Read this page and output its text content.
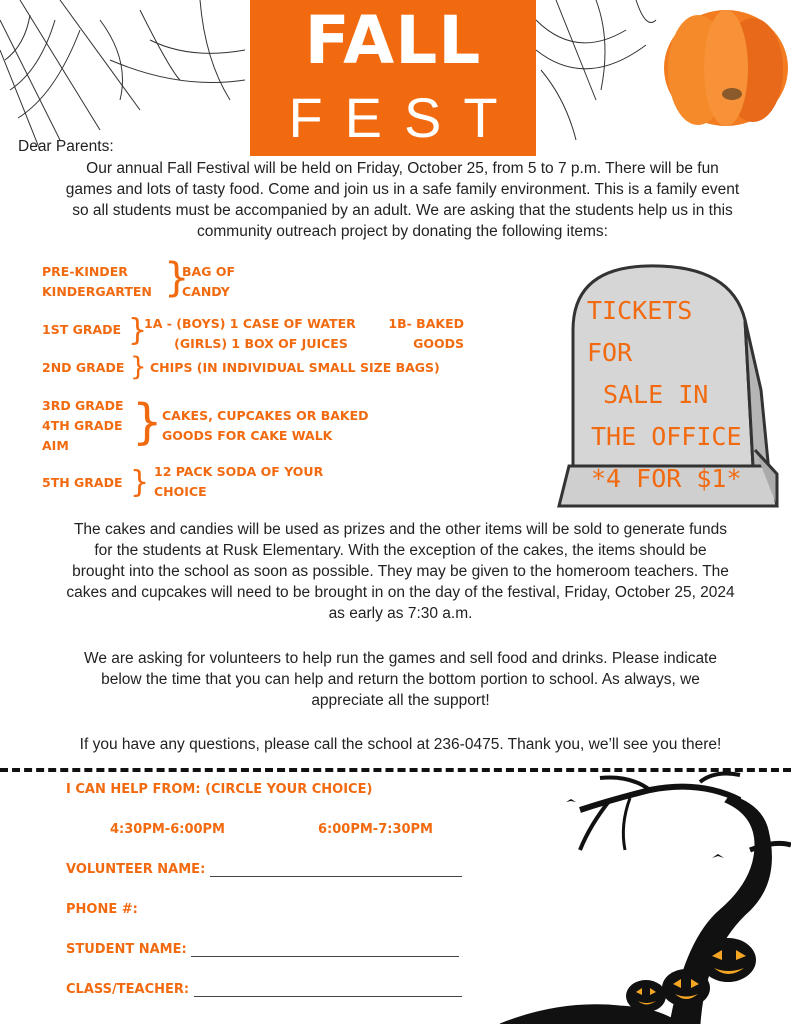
FALL
FEST
Dear Parents:
Our annual Fall Festival will be held on Friday, October 25, from 5 to 7 p.m. There will be fun
games and lots of tasty food. Come and join us in a safe family environment. This is a family event
so all students must be accompanied by an adult. We are asking that the students help us in this
community outreach project by donating the following items:
PRE-KINDER
KINDERGARTEN }
BAG OF
CANDY
1ST GRADE }
1A - (BOYS) 1 CASE OF WATER
(GIRLS) 1 BOX OF JUICES
1B- BAKED
GOODS
2ND GRADE } CHIPS (IN INDIVIDUAL SMALL SIZE BAGS)
3RD GRADE
4TH GRADE
AIM	} CAKES, CUPCAKES OR BAKED
GOODS FOR CAKE WALK
5TH GRADE } 12 PACK SODA OF YOUR
CHOICE
TICKETS FOR
SALE IN
THE OFFICE
*4 FOR $1*
The cakes and candies will be used as prizes and the other items will be sold to generate funds
for the students at Rusk Elementary. With the exception of the cakes, the items should be
brought into the school as soon as possible. They may be given to the homeroom teachers. The
cakes and cupcakes will need to be brought in on the day of the festival, Friday, October 25, 2024
as early as 7:30 a.m.
We are asking for volunteers to help run the games and sell food and drinks. Please indicate
below the time that you can help and return the bottom portion to school. As always, we
appreciate all the support!
If you have any questions, please call the school at 236-0475. Thank you, we’ll see you there!
I CAN HELP FROM: (CIRCLE YOUR CHOICE)
4:30PM-6:00PM	6:00PM-7:30PM
VOLUNTEER NAME:
PHONE #:
STUDENT NAME:
CLASS/TEACHER:
